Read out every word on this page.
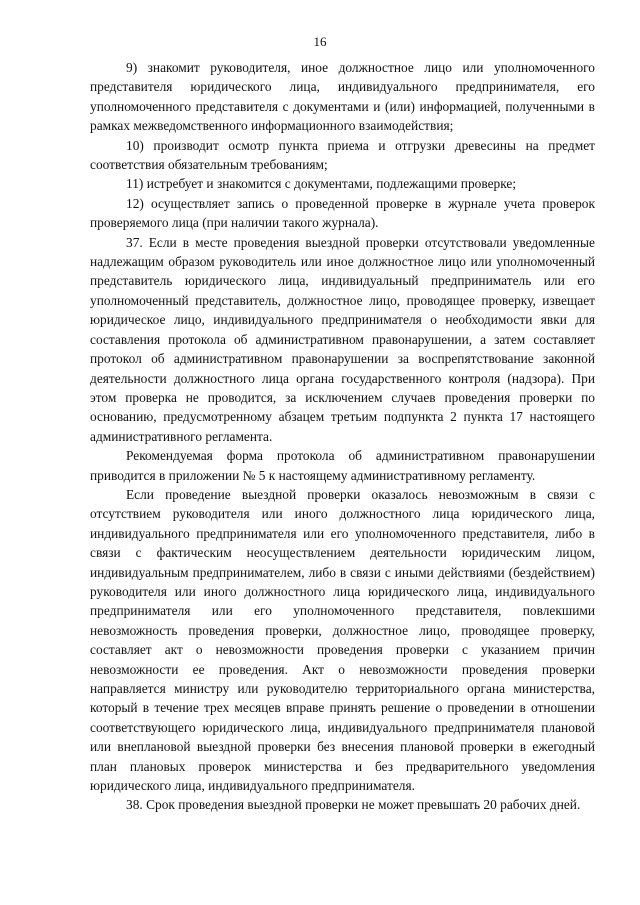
16

9) знакомит руководителя, иное должностное лицо или уполномоченного представителя юридического лица, индивидуального предпринимателя, его уполномоченного представителя с документами и (или) информацией, полученными в рамках межведомственного информационного взаимодействия;

10) производит осмотр пункта приема и отгрузки древесины на предмет соответствия обязательным требованиям;

11) истребует и знакомится с документами, подлежащими проверке;

12) осуществляет запись о проведенной проверке в журнале учета проверок проверяемого лица (при наличии такого журнала).

37. Если в месте проведения выездной проверки отсутствовали уведомленные надлежащим образом руководитель или иное должностное лицо или уполномоченный представитель юридического лица, индивидуальный предприниматель или его уполномоченный представитель, должностное лицо, проводящее проверку, извещает юридическое лицо, индивидуального предпринимателя о необходимости явки для составления протокола об административном правонарушении, а затем составляет протокол об административном правонарушении за воспрепятствование законной деятельности должностного лица органа государственного контроля (надзора). При этом проверка не проводится, за исключением случаев проведения проверки по основанию, предусмотренному абзацем третьим подпункта 2 пункта 17 настоящего административного регламента.

Рекомендуемая форма протокола об административном правонарушении приводится в приложении № 5 к настоящему административному регламенту.

Если проведение выездной проверки оказалось невозможным в связи с отсутствием руководителя или иного должностного лица юридического лица, индивидуального предпринимателя или его уполномоченного представителя, либо в связи с фактическим неосуществлением деятельности юридическим лицом, индивидуальным предпринимателем, либо в связи с иными действиями (бездействием) руководителя или иного должностного лица юридического лица, индивидуального предпринимателя или его уполномоченного представителя, повлекшими невозможность проведения проверки, должностное лицо, проводящее проверку, составляет акт о невозможности проведения проверки с указанием причин невозможности ее проведения. Акт о невозможности проведения проверки направляется министру или руководителю территориального органа министерства, который в течение трех месяцев вправе принять решение о проведении в отношении соответствующего юридического лица, индивидуального предпринимателя плановой или внеплановой выездной проверки без внесения плановой проверки в ежегодный план плановых проверок министерства и без предварительного уведомления юридического лица, индивидуального предпринимателя.

38. Срок проведения выездной проверки не может превышать 20 рабочих дней.
